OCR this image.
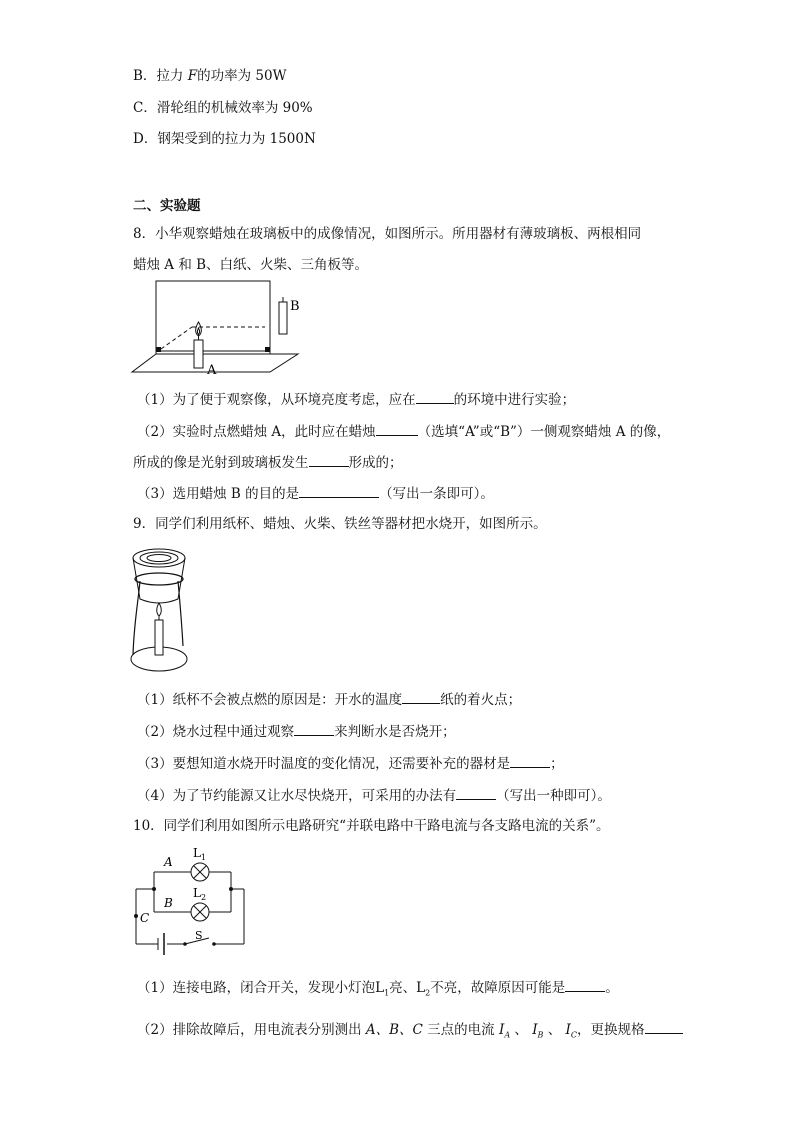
B．拉力 F的功率为 50W
C．滑轮组的机械效率为 90%
D．钢架受到的拉力为 1500N
二、实验题
8．小华观察蜡烛在玻璃板中的成像情况，如图所示。所用器材有薄玻璃板、两根相同
蜡烛 A 和 B、白纸、火柴、三角板等。
A
B
（1）为了便于观察像，从环境亮度考虑，应在	的环境中进行实验；
（2）实验时点燃蜡烛 A，此时应在蜡烛	（选填“A”或“B”）一侧观察蜡烛 A 的像，
所成的像是光射到玻璃板发生	形成的；
（3）选用蜡烛 B 的目的是	（写出一条即可）。
9．同学们利用纸杯、蜡烛、火柴、铁丝等器材把水烧开，如图所示。
（1）纸杯不会被点燃的原因是：开水的温度	纸的着火点；
（2）烧水过程中通过观察	来判断水是否烧开；
（3）要想知道水烧开时温度的变化情况，还需要补充的器材是	；
（4）为了节约能源又让水尽快烧开，可采用的办法有	（写出一种即可）。
10．同学们利用如图所示电路研究“并联电路中干路电流与各支路电流的关系”。
A
B
C
$L_1$
$L_2$
S
（1）连接电路，闭合开关，发现小灯泡$L_1$亮、$L_2$不亮，故障原因可能是	。
（2）排除故障后，用电流表分别测出 A、B、C 三点的电流 $I_A$ 、 $I_B$ 、 $I_C$，更换规格
